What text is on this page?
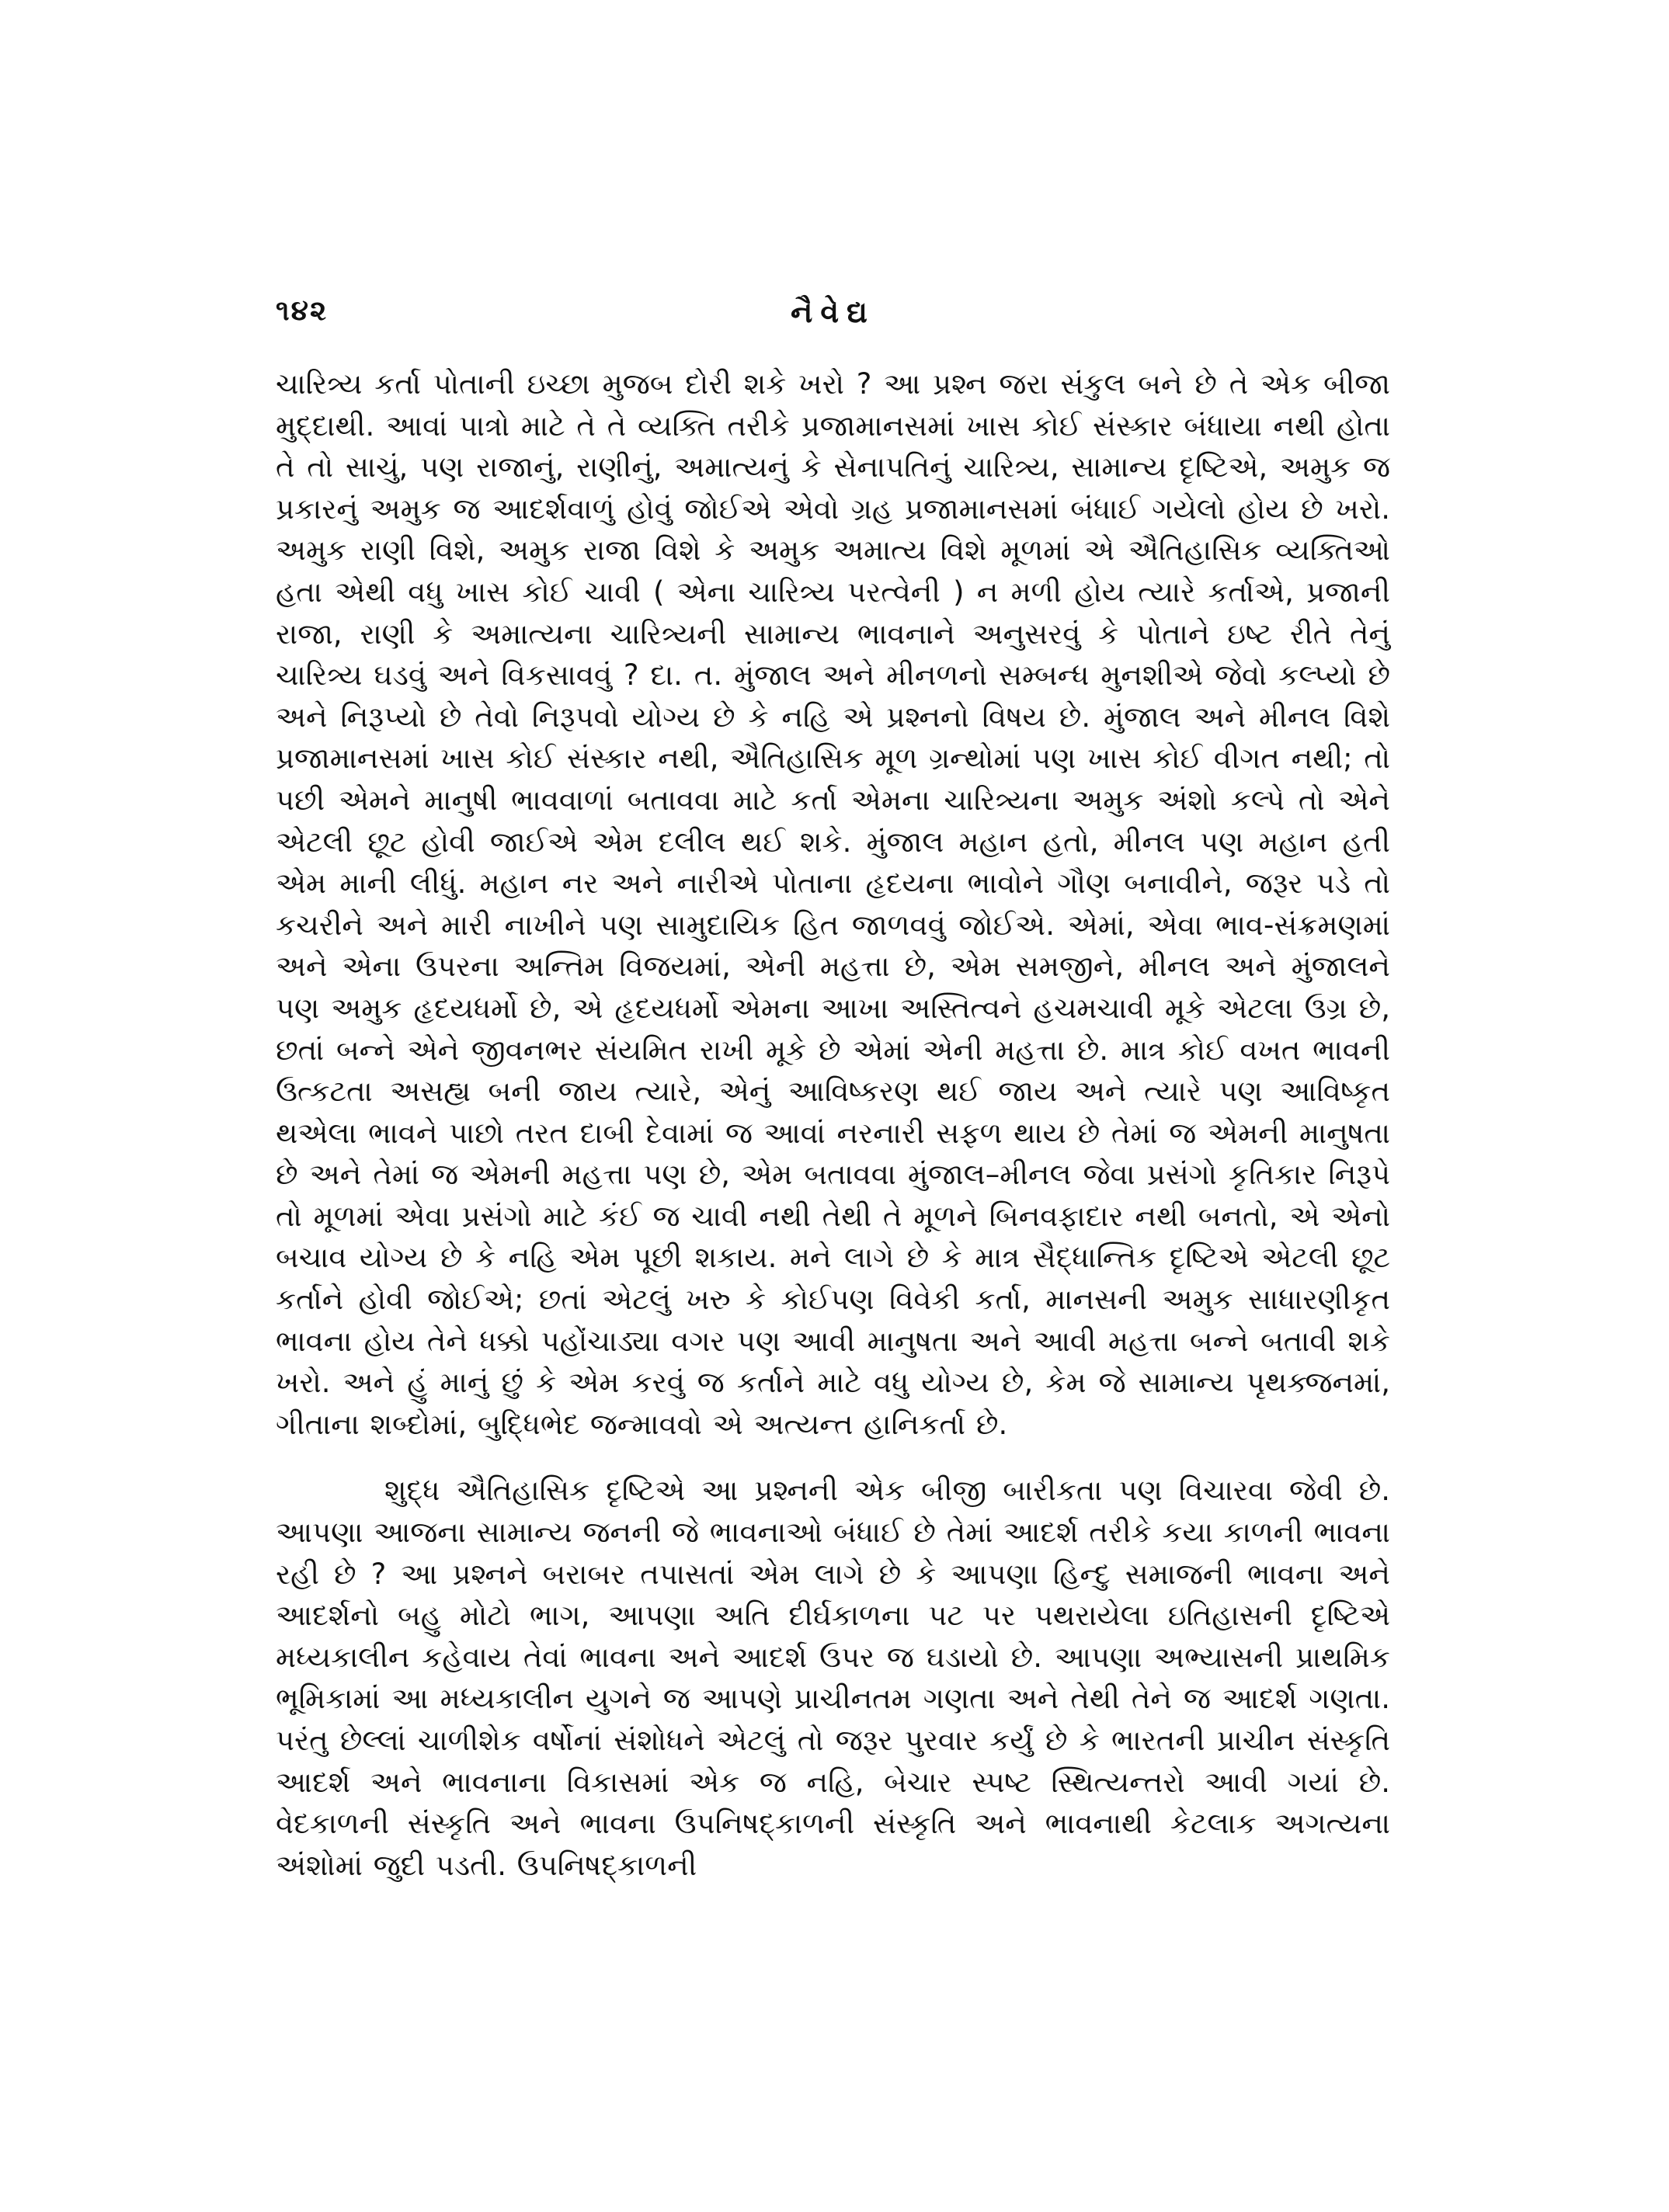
૧૪૨	નૈવેદ્ય

ચારિત્ર્ય કર્તા પોતાની ઇચ્છા મુજબ દોરી શકે ખરો ? આ પ્રશ્ન જરા સંકુલ બને છે તે એક બીજા મુદ્દાથી. આવાં પાત્રો માટે તે તે વ્યક્તિ તરીકે પ્રજામાનસમાં ખાસ કોઈ સંસ્કાર બંધાયા નથી હોતા તે તો સાચું, પણ રાજાનું, રાણીનું, અમાત્યનું કે સેનાપતિનું ચારિત્ર્ય, સામાન્ય દૃષ્ટિએ, અમુક જ પ્રકારનું અમુક જ આદર્શવાળું હોવું જોઈએ એવો ગ્રહ પ્રજામાનસમાં બંધાઈ ગયેલો હોય છે ખરો. અમુક રાણી વિશે, અમુક રાજા વિશે કે અમુક અમાત્ય વિશે મૂળમાં એ ઐતિહાસિક વ્યક્તિઓ હતા એથી વધુ ખાસ કોઈ ચાવી ( એના ચારિત્ર્ય પરત્વેની ) ન મળી હોય ત્યારે કર્તાએ, પ્રજાની રાજા, રાણી કે અમાત્યના ચારિત્ર્યની સામાન્ય ભાવનાને અનુસરવું કે પોતાને ઇષ્ટ રીતે તેનું ચારિત્ર્ય ઘડવું અને વિકસાવવું ? દા. ત. મુંજાલ અને મીનળનો સમ્બન્ધ મુનશીએ જેવો કલ્પ્યો છે અને નિરૂપ્યો છે તેવો નિરૂપવો યોગ્ય છે કે નહિ એ પ્રશ્નનો વિષય છે. મુંજાલ અને મીનલ વિશે પ્રજામાનસમાં ખાસ કોઈ સંસ્કાર નથી, ઐતિહાસિક મૂળ ગ્રન્થોમાં પણ ખાસ કોઈ વીગત નથી; તો પછી એમને માનુષી ભાવવાળાં બતાવવા માટે કર્તા એમના ચારિત્ર્યના અમુક અંશો કલ્પે તો એને એટલી છૂટ હોવી જાઈએ એમ દલીલ થઈ શકે. મુંજાલ મહાન હતો, મીનલ પણ મહાન હતી એમ માની લીધું. મહાન નર અને નારીએ પોતાના હૃદયના ભાવોને ગૌણ બનાવીને, જરૂર પડે તો કચરીને અને મારી નાખીને પણ સામુદાયિક હિત જાળવવું જોઈએ. એમાં, એવા ભાવ-સંક્રમણમાં અને એના ઉપરના અન્તિમ વિજયમાં, એની મહત્તા છે, એમ સમજીને, મીનલ અને મુંજાલને પણ અમુક હૃદયધર્મો છે, એ હૃદયધર્મો એમના આખા અસ્તિત્વને હચમચાવી મૂકે એટલા ઉગ્ર છે, છતાં બન્ને એને જીવનભર સંયમિત રાખી મૂકે છે એમાં એની મહત્તા છે. માત્ર કોઈ વખત ભાવની ઉત્કટતા અસહ્ય બની જાય ત્યારે, એનું આવિષ્કરણ થઈ જાય અને ત્યારે પણ આવિષ્કૃત થએલા ભાવને પાછો તરત દાબી દેવામાં જ આવાં નરનારી સફળ થાય છે તેમાં જ એમની માનુષતા છે અને તેમાં જ એમની મહત્તા પણ છે, એમ બતાવવા મુંજાલ–મીનલ જેવા પ્રસંગો કૃતિકાર નિરૂપે તો મૂળમાં એવા પ્રસંગો માટે કંઈ જ ચાવી નથી તેથી તે મૂળને બિનવફાદાર નથી બનતો, એ એનો બચાવ યોગ્ય છે કે નહિ એમ પૂછી શકાય. મને લાગે છે કે માત્ર સૈદ્ધાન્તિક દૃષ્ટિએ એટલી છૂટ કર્તાને હોવી જોઈએ; છતાં એટલું ખરુ કે કોઈપણ વિવેકી કર્તા, માનસની અમુક સાધારણીકૃત ભાવના હોય તેને ધક્કો પહોંચાડ્યા વગર પણ આવી માનુષતા અને આવી મહત્તા બન્ને બતાવી શકે ખરો. અને હું માનું છું કે એમ કરવું જ કર્તાને માટે વધુ યોગ્ય છે, કેમ જે સામાન્ય પૃથક્જનમાં, ગીતાના શબ્દોમાં, બુદ્ધિભેદ જન્માવવો એ અત્યન્ત હાનિકર્તા છે.

શુદ્ધ ઐતિહાસિક દૃષ્ટિએ આ પ્રશ્નની એક બીજી બારીકતા પણ વિચારવા જેવી છે. આપણા આજના સામાન્ય જનની જે ભાવનાઓ બંધાઈ છે તેમાં આદર્શ તરીકે કયા કાળની ભાવના રહી છે ? આ પ્રશ્નને બરાબર તપાસતાં એમ લાગે છે કે આપણા હિન્દુ સમાજની ભાવના અને આદર્શનો બહુ મોટો ભાગ, આપણા અતિ દીર્ઘકાળના પટ પર પથરાયેલા ઇતિહાસની દૃષ્ટિએ મધ્યકાલીન કહેવાય તેવાં ભાવના અને આદર્શ ઉપર જ ઘડાયો છે. આપણા અભ્યાસની પ્રાથમિક ભૂમિકામાં આ મધ્યકાલીન યુગને જ આપણે પ્રાચીનતમ ગણતા અને તેથી તેને જ આદર્શ ગણતા. પરંતુ છેલ્લાં ચાળીશેક વર્ષોનાં સંશોધને એટલું તો જરૂર પુરવાર કર્યું છે કે ભારતની પ્રાચીન સંસ્કૃતિ આદર્શ અને ભાવનાના વિકાસમાં એક જ નહિ, બેચાર સ્પષ્ટ સ્થિત્યન્તરો આવી ગયાં છે. વેદકાળની સંસ્કૃતિ અને ભાવના ઉપનિષદ્કાળની સંસ્કૃતિ અને ભાવનાથી કેટલાક અગત્યના અંશોમાં જુદી પડતી. ઉપનિષદ્કાળની
